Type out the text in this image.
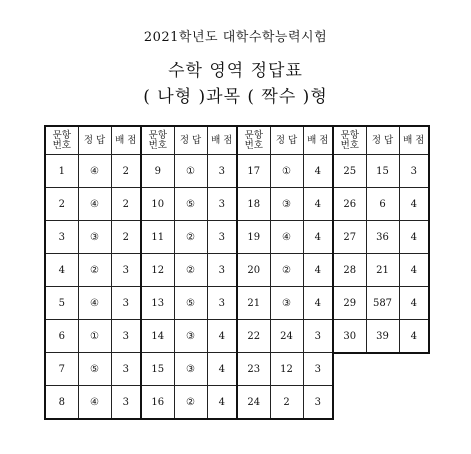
2021학년도 대학수학능력시험
수학 영역 정답표
( 나형 )과목 ( 짝수 )형
문항
번호	정 답	배 점
1	④	2
2	④	2
3	③	2
4	②	3
5	④	3
6	①	3
7	⑤	3
8	④	3
문항
번호	정 답	배 점
9	①	3
10	⑤	3
11	②	3
12	②	3
13	⑤	3
14	③	4
15	③	4
16	②	4
문항
번호	정 답	배 점
17	①	4
18	③	4
19	④	4
20	②	4
21	③	4
22	24	3
23	12	3
24	2	3
문항
번호	정 답	배 점
25	15	3
26	6	4
27	36	4
28	21	4
29	587	4
30	39	4
